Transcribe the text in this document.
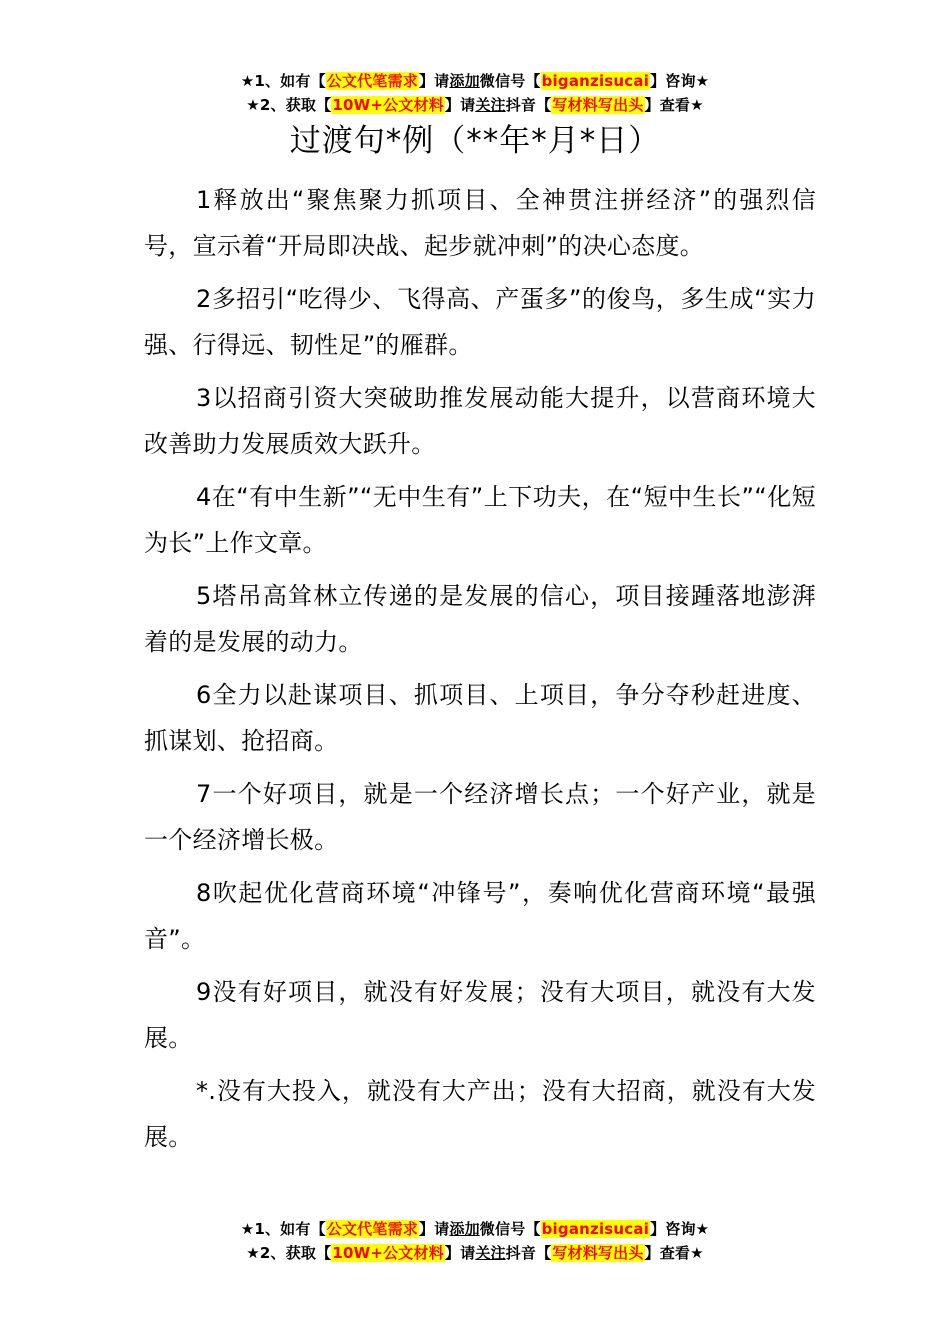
★1、如有【公文代笔需求】请添加微信号【biganzisucai】咨询★
★2、获取【10W+公文材料】请关注抖音【写材料写出头】查看★
过渡句*例（**年*月*日）

1释放出“聚焦聚力抓项目、全神贯注拼经济”的强烈信号，宣示着“开局即决战、起步就冲刺”的决心态度。

2多招引“吃得少、飞得高、产蛋多”的俊鸟，多生成“实力强、行得远、韧性足”的雁群。

3以招商引资大突破助推发展动能大提升，以营商环境大改善助力发展质效大跃升。

4在“有中生新”“无中生有”上下功夫，在“短中生长”“化短为长”上作文章。

5塔吊高耸林立传递的是发展的信心，项目接踵落地澎湃着的是发展的动力。

6全力以赴谋项目、抓项目、上项目，争分夺秒赶进度、抓谋划、抢招商。

7一个好项目，就是一个经济增长点；一个好产业，就是一个经济增长极。

8吹起优化营商环境“冲锋号”，奏响优化营商环境“最强音”。

9没有好项目，就没有好发展；没有大项目，就没有大发展。

*.没有大投入，就没有大产出；没有大招商，就没有大发展。

★1、如有【公文代笔需求】请添加微信号【biganzisucai】咨询★
★2、获取【10W+公文材料】请关注抖音【写材料写出头】查看★
